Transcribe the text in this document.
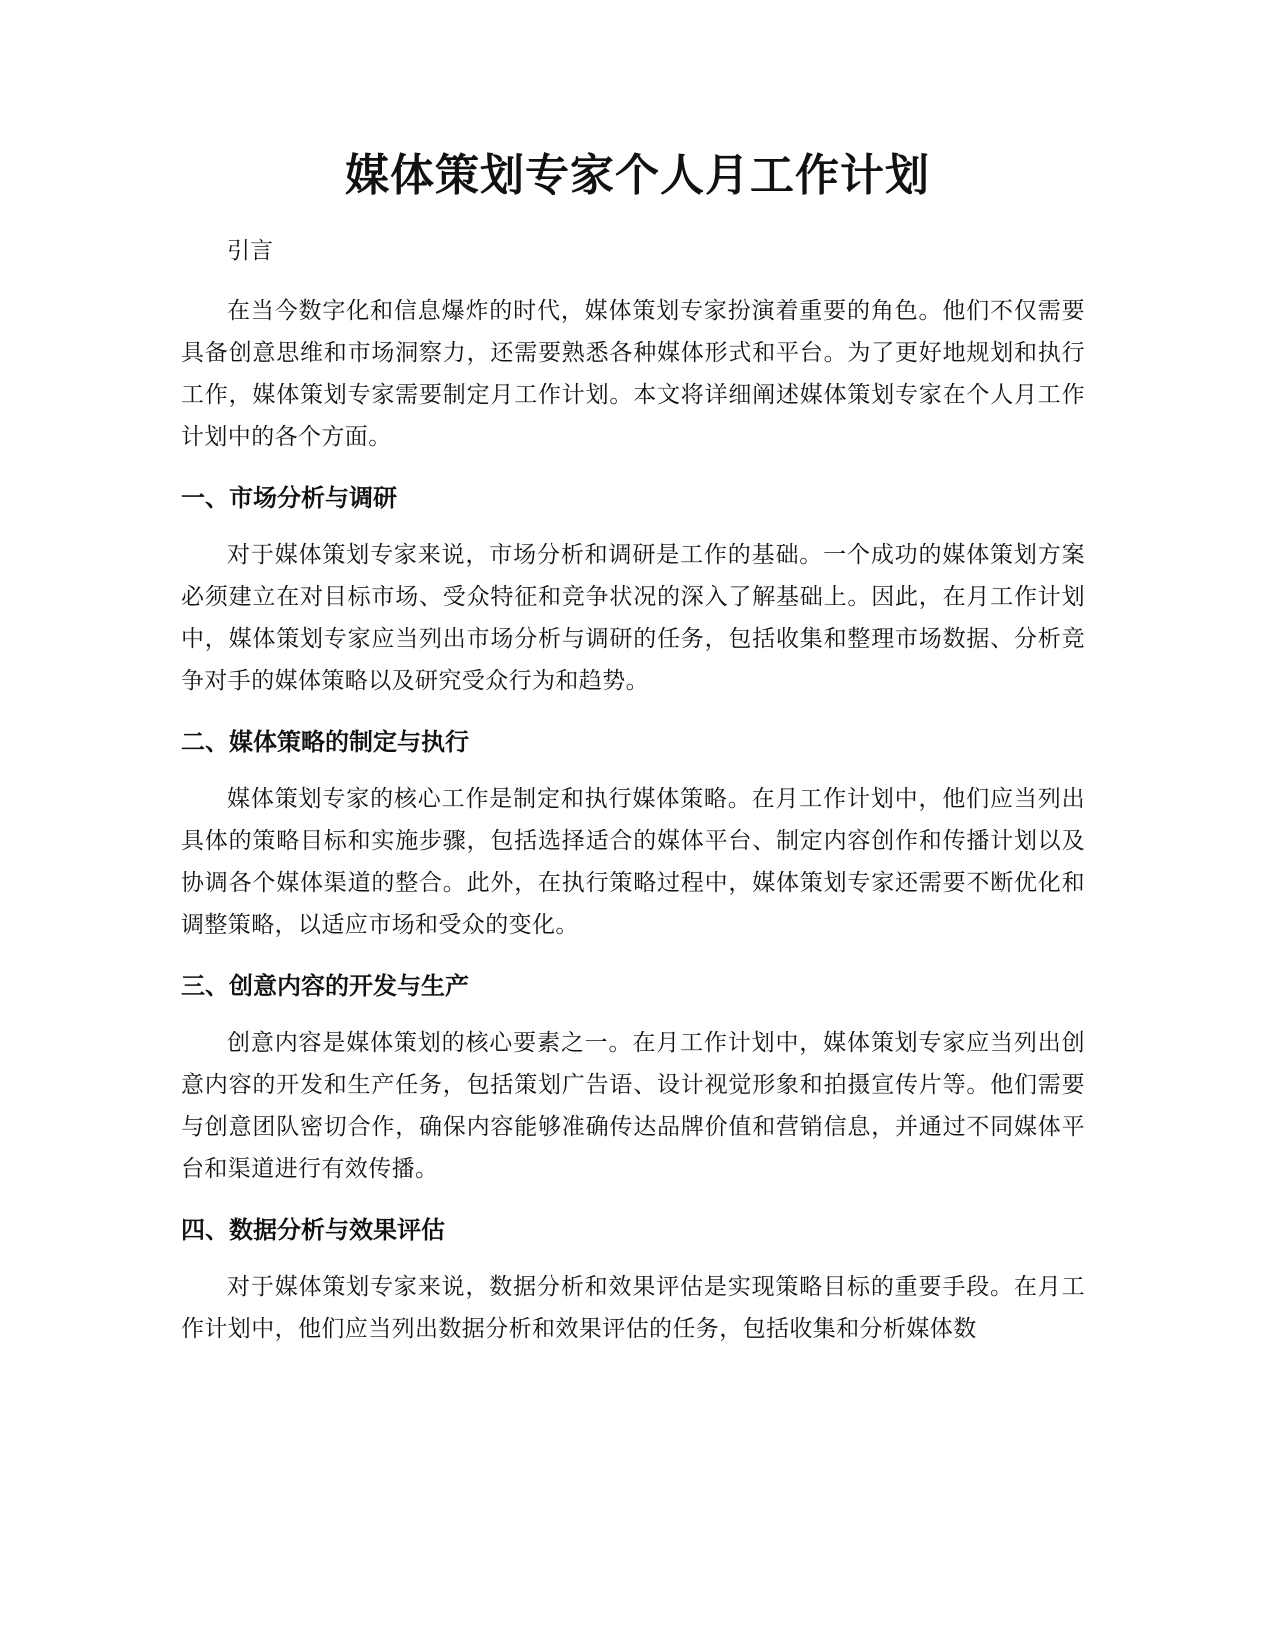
媒体策划专家个人月工作计划

引言

在当今数字化和信息爆炸的时代，媒体策划专家扮演着重要的角色。他们不仅需要具备创意思维和市场洞察力，还需要熟悉各种媒体形式和平台。为了更好地规划和执行工作，媒体策划专家需要制定月工作计划。本文将详细阐述媒体策划专家在个人月工作计划中的各个方面。

一、市场分析与调研

对于媒体策划专家来说，市场分析和调研是工作的基础。一个成功的媒体策划方案必须建立在对目标市场、受众特征和竞争状况的深入了解基础上。因此，在月工作计划中，媒体策划专家应当列出市场分析与调研的任务，包括收集和整理市场数据、分析竞争对手的媒体策略以及研究受众行为和趋势。

二、媒体策略的制定与执行

媒体策划专家的核心工作是制定和执行媒体策略。在月工作计划中，他们应当列出具体的策略目标和实施步骤，包括选择适合的媒体平台、制定内容创作和传播计划以及协调各个媒体渠道的整合。此外，在执行策略过程中，媒体策划专家还需要不断优化和调整策略，以适应市场和受众的变化。

三、创意内容的开发与生产

创意内容是媒体策划的核心要素之一。在月工作计划中，媒体策划专家应当列出创意内容的开发和生产任务，包括策划广告语、设计视觉形象和拍摄宣传片等。他们需要与创意团队密切合作，确保内容能够准确传达品牌价值和营销信息，并通过不同媒体平台和渠道进行有效传播。

四、数据分析与效果评估

对于媒体策划专家来说，数据分析和效果评估是实现策略目标的重要手段。在月工作计划中，他们应当列出数据分析和效果评估的任务，包括收集和分析媒体数
